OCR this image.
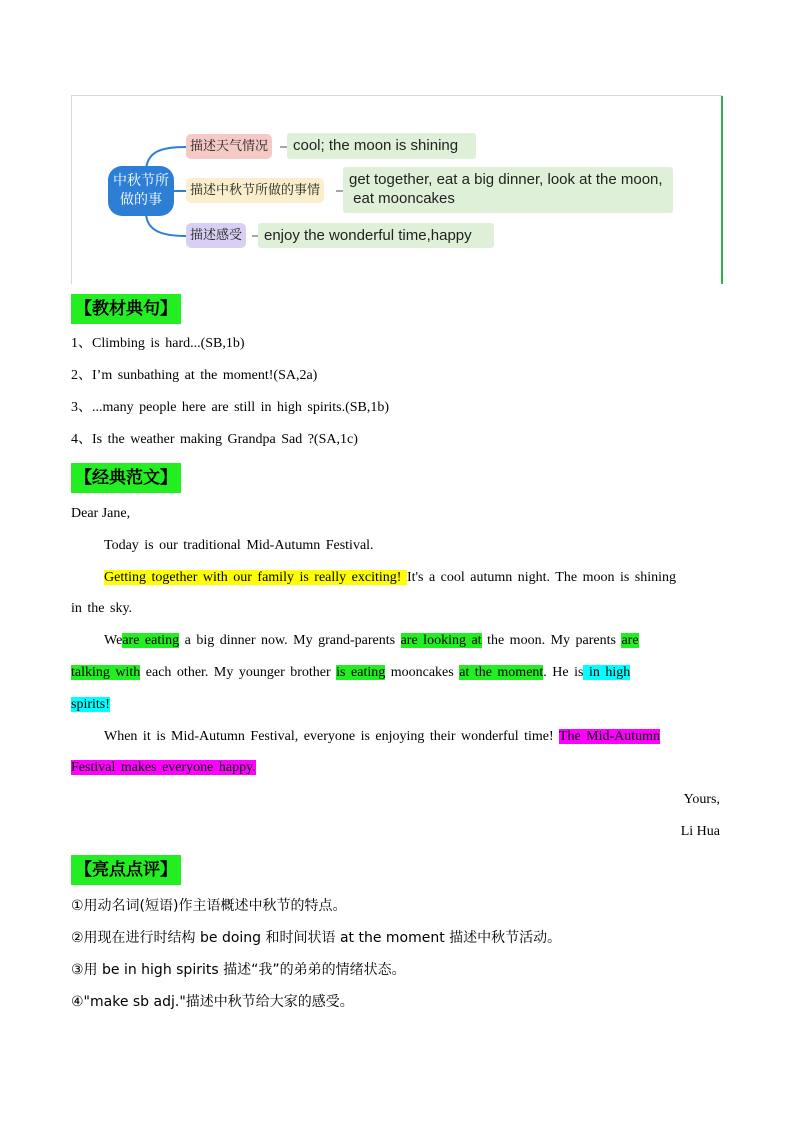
中秋节所做的事
描述天气情况
描述中秋节所做的事情
描述感受
cool; the moon is shining
get together, eat a big dinner, look at the moon,
eat mooncakes
enjoy the wonderful time,happy
【教材典句】
1、Climbing is hard...(SB,1b)
2、I’m sunbathing at the moment!(SA,2a)
3、...many people here are still in high spirits.(SB,1b)
4、Is the weather making Grandpa Sad ?(SA,1c)
【经典范文】
Dear Jane,
Today is our traditional Mid-Autumn Festival.
Getting together with our family is really exciting! It's a cool autumn night. The moon is shining
in the sky.
Weare eating a big dinner now. My grand-parents are looking at the moon. My parents are
talking with each other. My younger brother is eating mooncakes at the moment. He is in high
spirits!
When it is Mid-Autumn Festival, everyone is enjoying their wonderful time! The Mid-Autumn
Festival makes everyone happy.
Yours,
Li Hua
【亮点点评】
①用动名词(短语)作主语概述中秋节的特点。
②用现在进行时结构 be doing 和时间状语 at the moment 描述中秋节活动。
③用 be in high spirits 描述“我”的弟弟的情绪状态。
④"make sb adj."描述中秋节给大家的感受。
